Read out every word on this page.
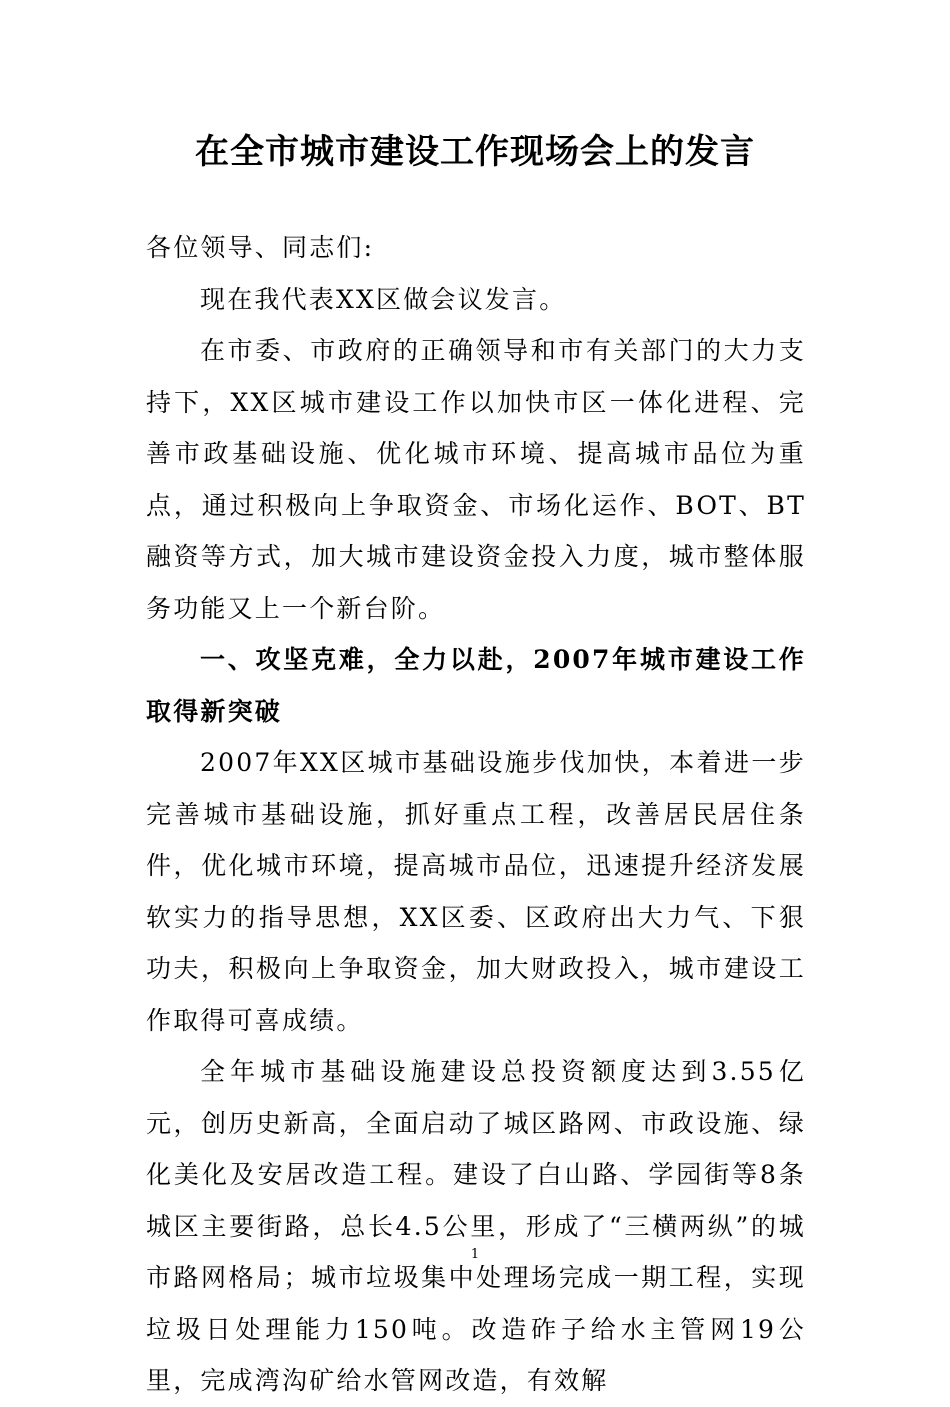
在全市城市建设工作现场会上的发言

各位领导、同志们:

现在我代表XX区做会议发言。

在市委、市政府的正确领导和市有关部门的大力支持下，XX区城市建设工作以加快市区一体化进程、完善市政基础设施、优化城市环境、提高城市品位为重点，通过积极向上争取资金、市场化运作、BOT、BT融资等方式，加大城市建设资金投入力度，城市整体服务功能又上一个新台阶。

一、攻坚克难，全力以赴，2007年城市建设工作取得新突破

2007年XX区城市基础设施步伐加快，本着进一步完善城市基础设施，抓好重点工程，改善居民居住条件，优化城市环境，提高城市品位，迅速提升经济发展软实力的指导思想，XX区委、区政府出大力气、下狠功夫，积极向上争取资金，加大财政投入，城市建设工作取得可喜成绩。

全年城市基础设施建设总投资额度达到3.55亿元，创历史新高，全面启动了城区路网、市政设施、绿化美化及安居改造工程。建设了白山路、学园街等8条城区主要街路，总长4.5公里，形成了“三横两纵”的城市路网格局；城市垃圾集中处理场完成一期工程，实现垃圾日处理能力150吨。改造砟子给水主管网19公里，完成湾沟矿给水管网改造，有效解

1
